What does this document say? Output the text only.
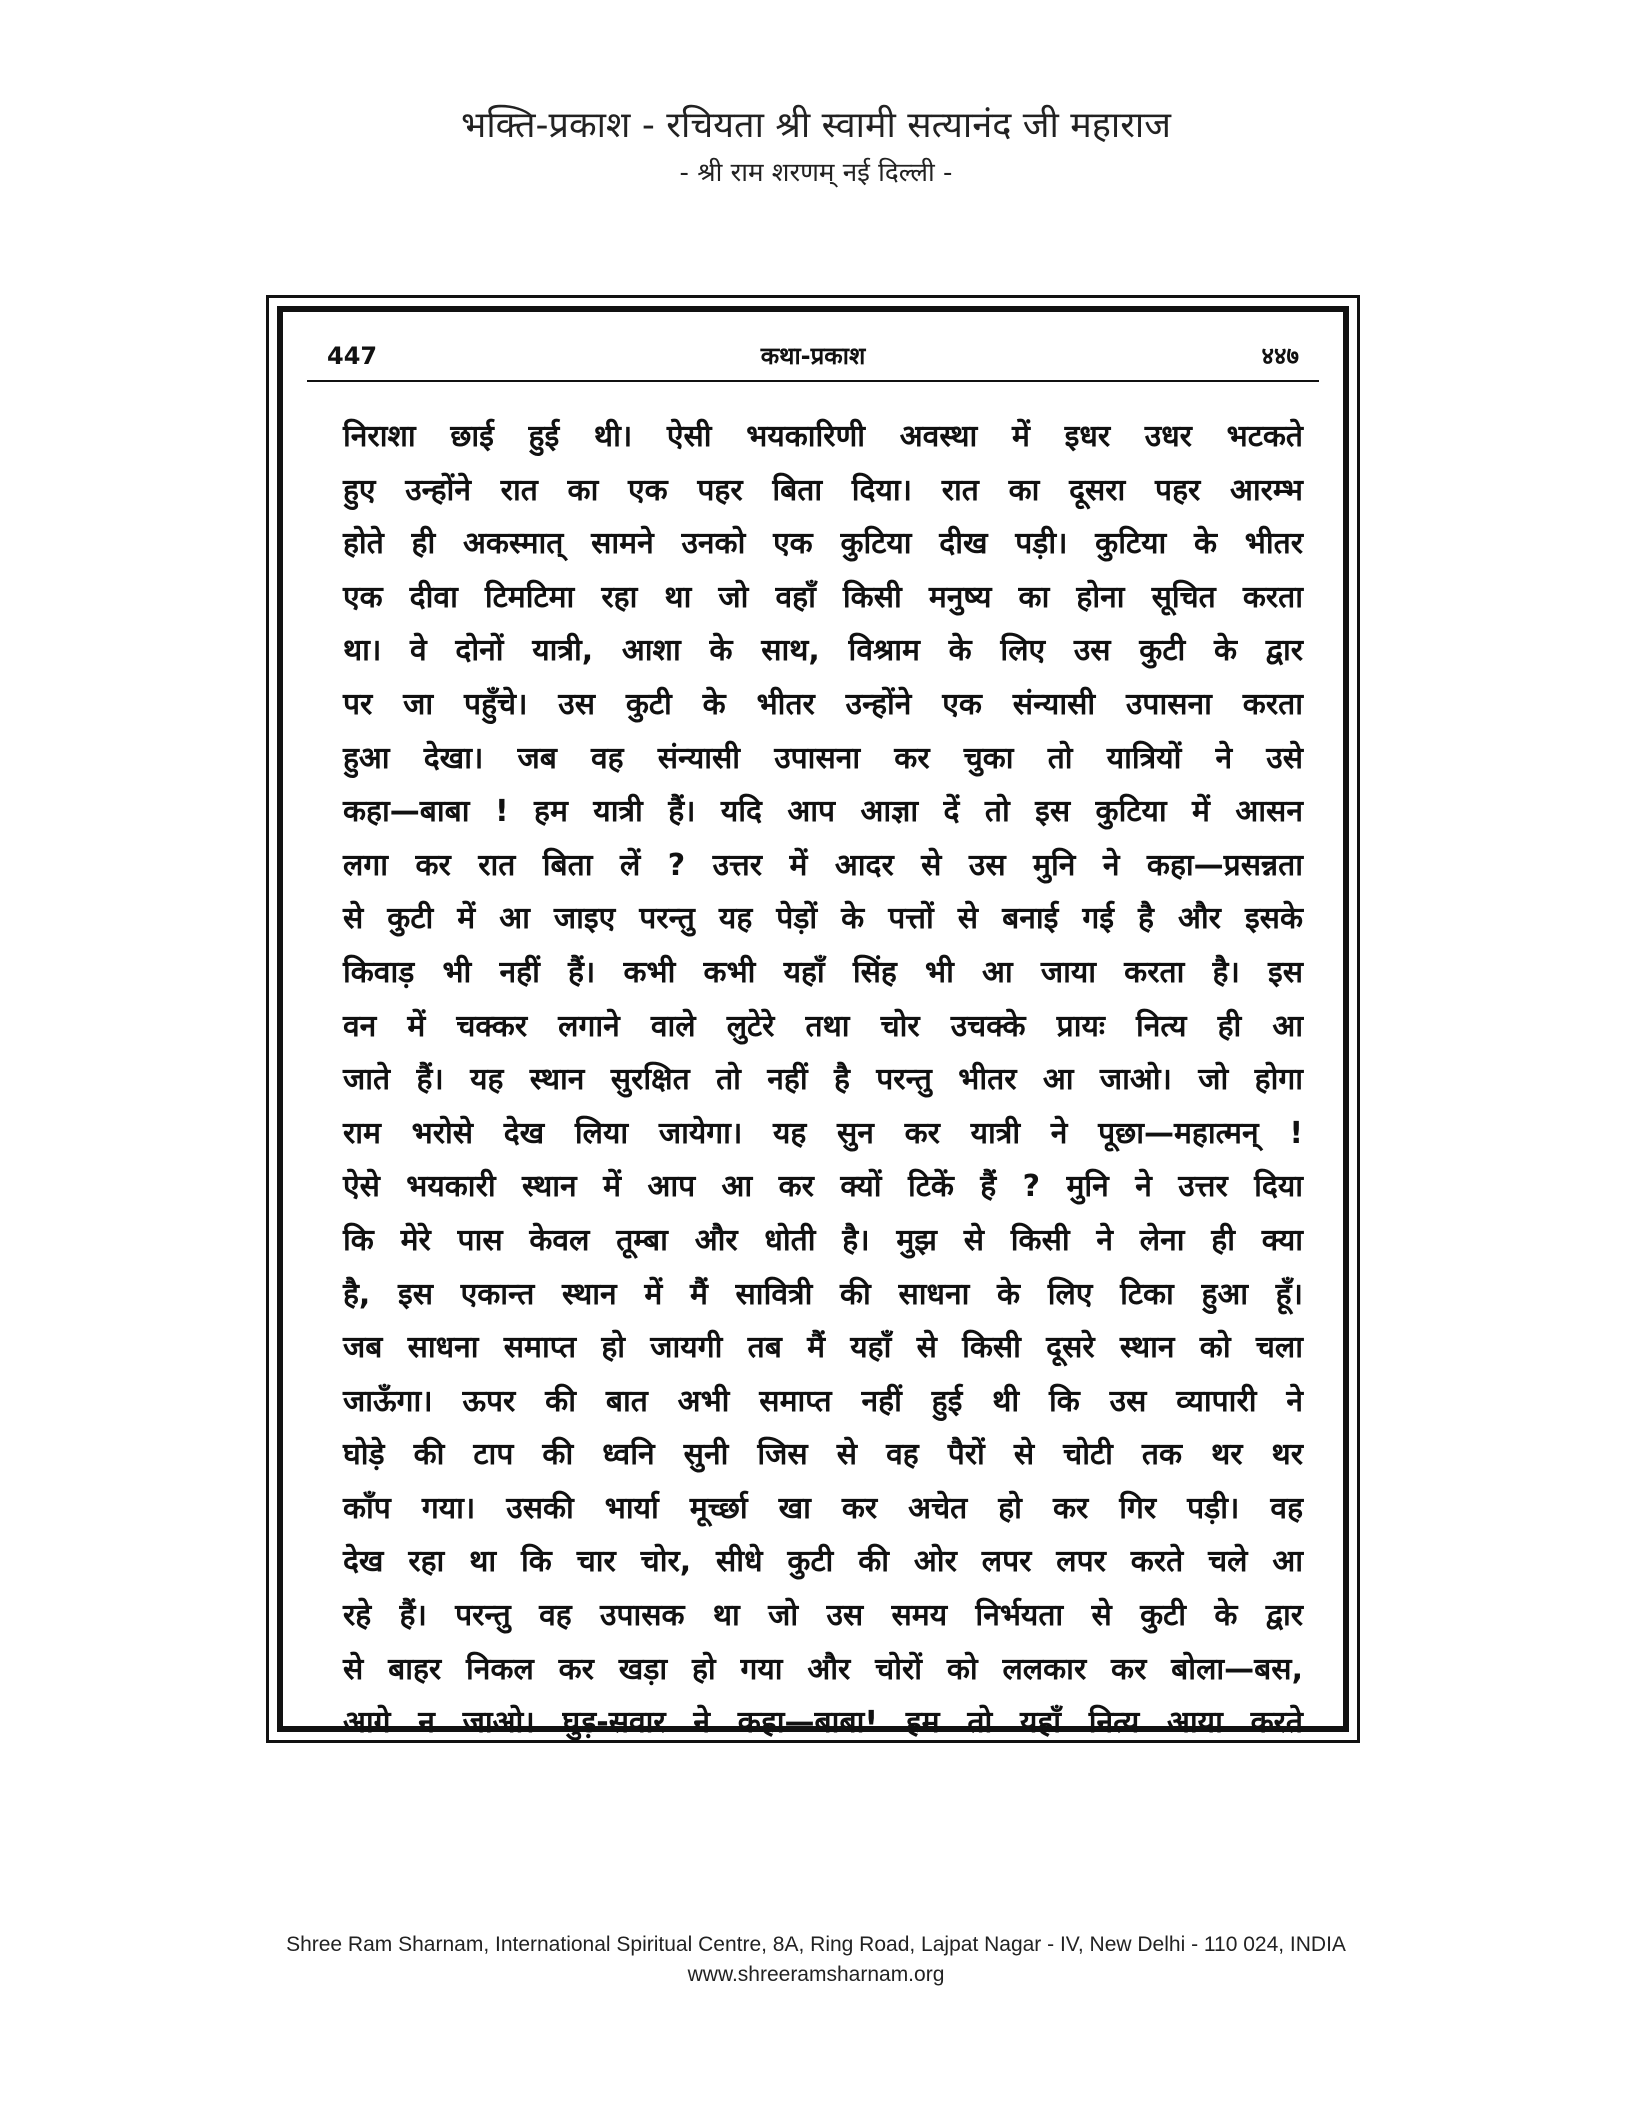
भक्ति-प्रकाश - रचियता श्री स्वामी सत्यानंद जी महाराज
- श्री राम शरणम् नई दिल्ली -
447	कथा-प्रकाश	४४७
निराशा छाई हुई थी। ऐसी भयकारिणी अवस्था में इधर उधर भटकते
हुए उन्होंने रात का एक पहर बिता दिया। रात का दूसरा पहर आरम्भ
होते ही अकस्मात् सामने उनको एक कुटिया दीख पड़ी। कुटिया के भीतर
एक दीवा टिमटिमा रहा था जो वहाँ किसी मनुष्य का होना सूचित करता
था। वे दोनों यात्री, आशा के साथ, विश्राम के लिए उस कुटी के द्वार
पर जा पहुँचे। उस कुटी के भीतर उन्होंने एक संन्यासी उपासना करता
हुआ देखा। जब वह संन्यासी उपासना कर चुका तो यात्रियों ने उसे
कहा—बाबा ! हम यात्री हैं। यदि आप आज्ञा दें तो इस कुटिया में आसन
लगा कर रात बिता लें ? उत्तर में आदर से उस मुनि ने कहा—प्रसन्नता
से कुटी में आ जाइए परन्तु यह पेड़ों के पत्तों से बनाई गई है और इसके
किवाड़ भी नहीं हैं। कभी कभी यहाँ सिंह भी आ जाया करता है। इस
वन में चक्कर लगाने वाले लुटेरे तथा चोर उचक्के प्रायः नित्य ही आ
जाते हैं। यह स्थान सुरक्षित तो नहीं है परन्तु भीतर आ जाओ। जो होगा
राम भरोसे देख लिया जायेगा। यह सुन कर यात्री ने पूछा—महात्मन् !
ऐसे भयकारी स्थान में आप आ कर क्यों टिकें हैं ? मुनि ने उत्तर दिया
कि मेरे पास केवल तूम्बा और धोती है। मुझ से किसी ने लेना ही क्या
है, इस एकान्त स्थान में मैं सावित्री की साधना के लिए टिका हुआ हूँ।
जब साधना समाप्त हो जायगी तब मैं यहाँ से किसी दूसरे स्थान को चला
जाऊँगा। ऊपर की बात अभी समाप्त नहीं हुई थी कि उस व्यापारी ने
घोड़े की टाप की ध्वनि सुनी जिस से वह पैरों से चोटी तक थर थर
काँप गया। उसकी भार्या मूर्च्छा खा कर अचेत हो कर गिर पड़ी। वह
देख रहा था कि चार चोर, सीधे कुटी की ओर लपर लपर करते चले आ
रहे हैं। परन्तु वह उपासक था जो उस समय निर्भयता से कुटी के द्वार
से बाहर निकल कर खड़ा हो गया और चोरों को ललकार कर बोला—बस,
आगे न जाओ। घुड़-सवार ने कहा—बाबा! हम तो यहाँ नित्य आया करते
Shree Ram Sharnam, International Spiritual Centre, 8A, Ring Road, Lajpat Nagar - IV, New Delhi - 110 024, INDIA
www.shreeramsharnam.org
